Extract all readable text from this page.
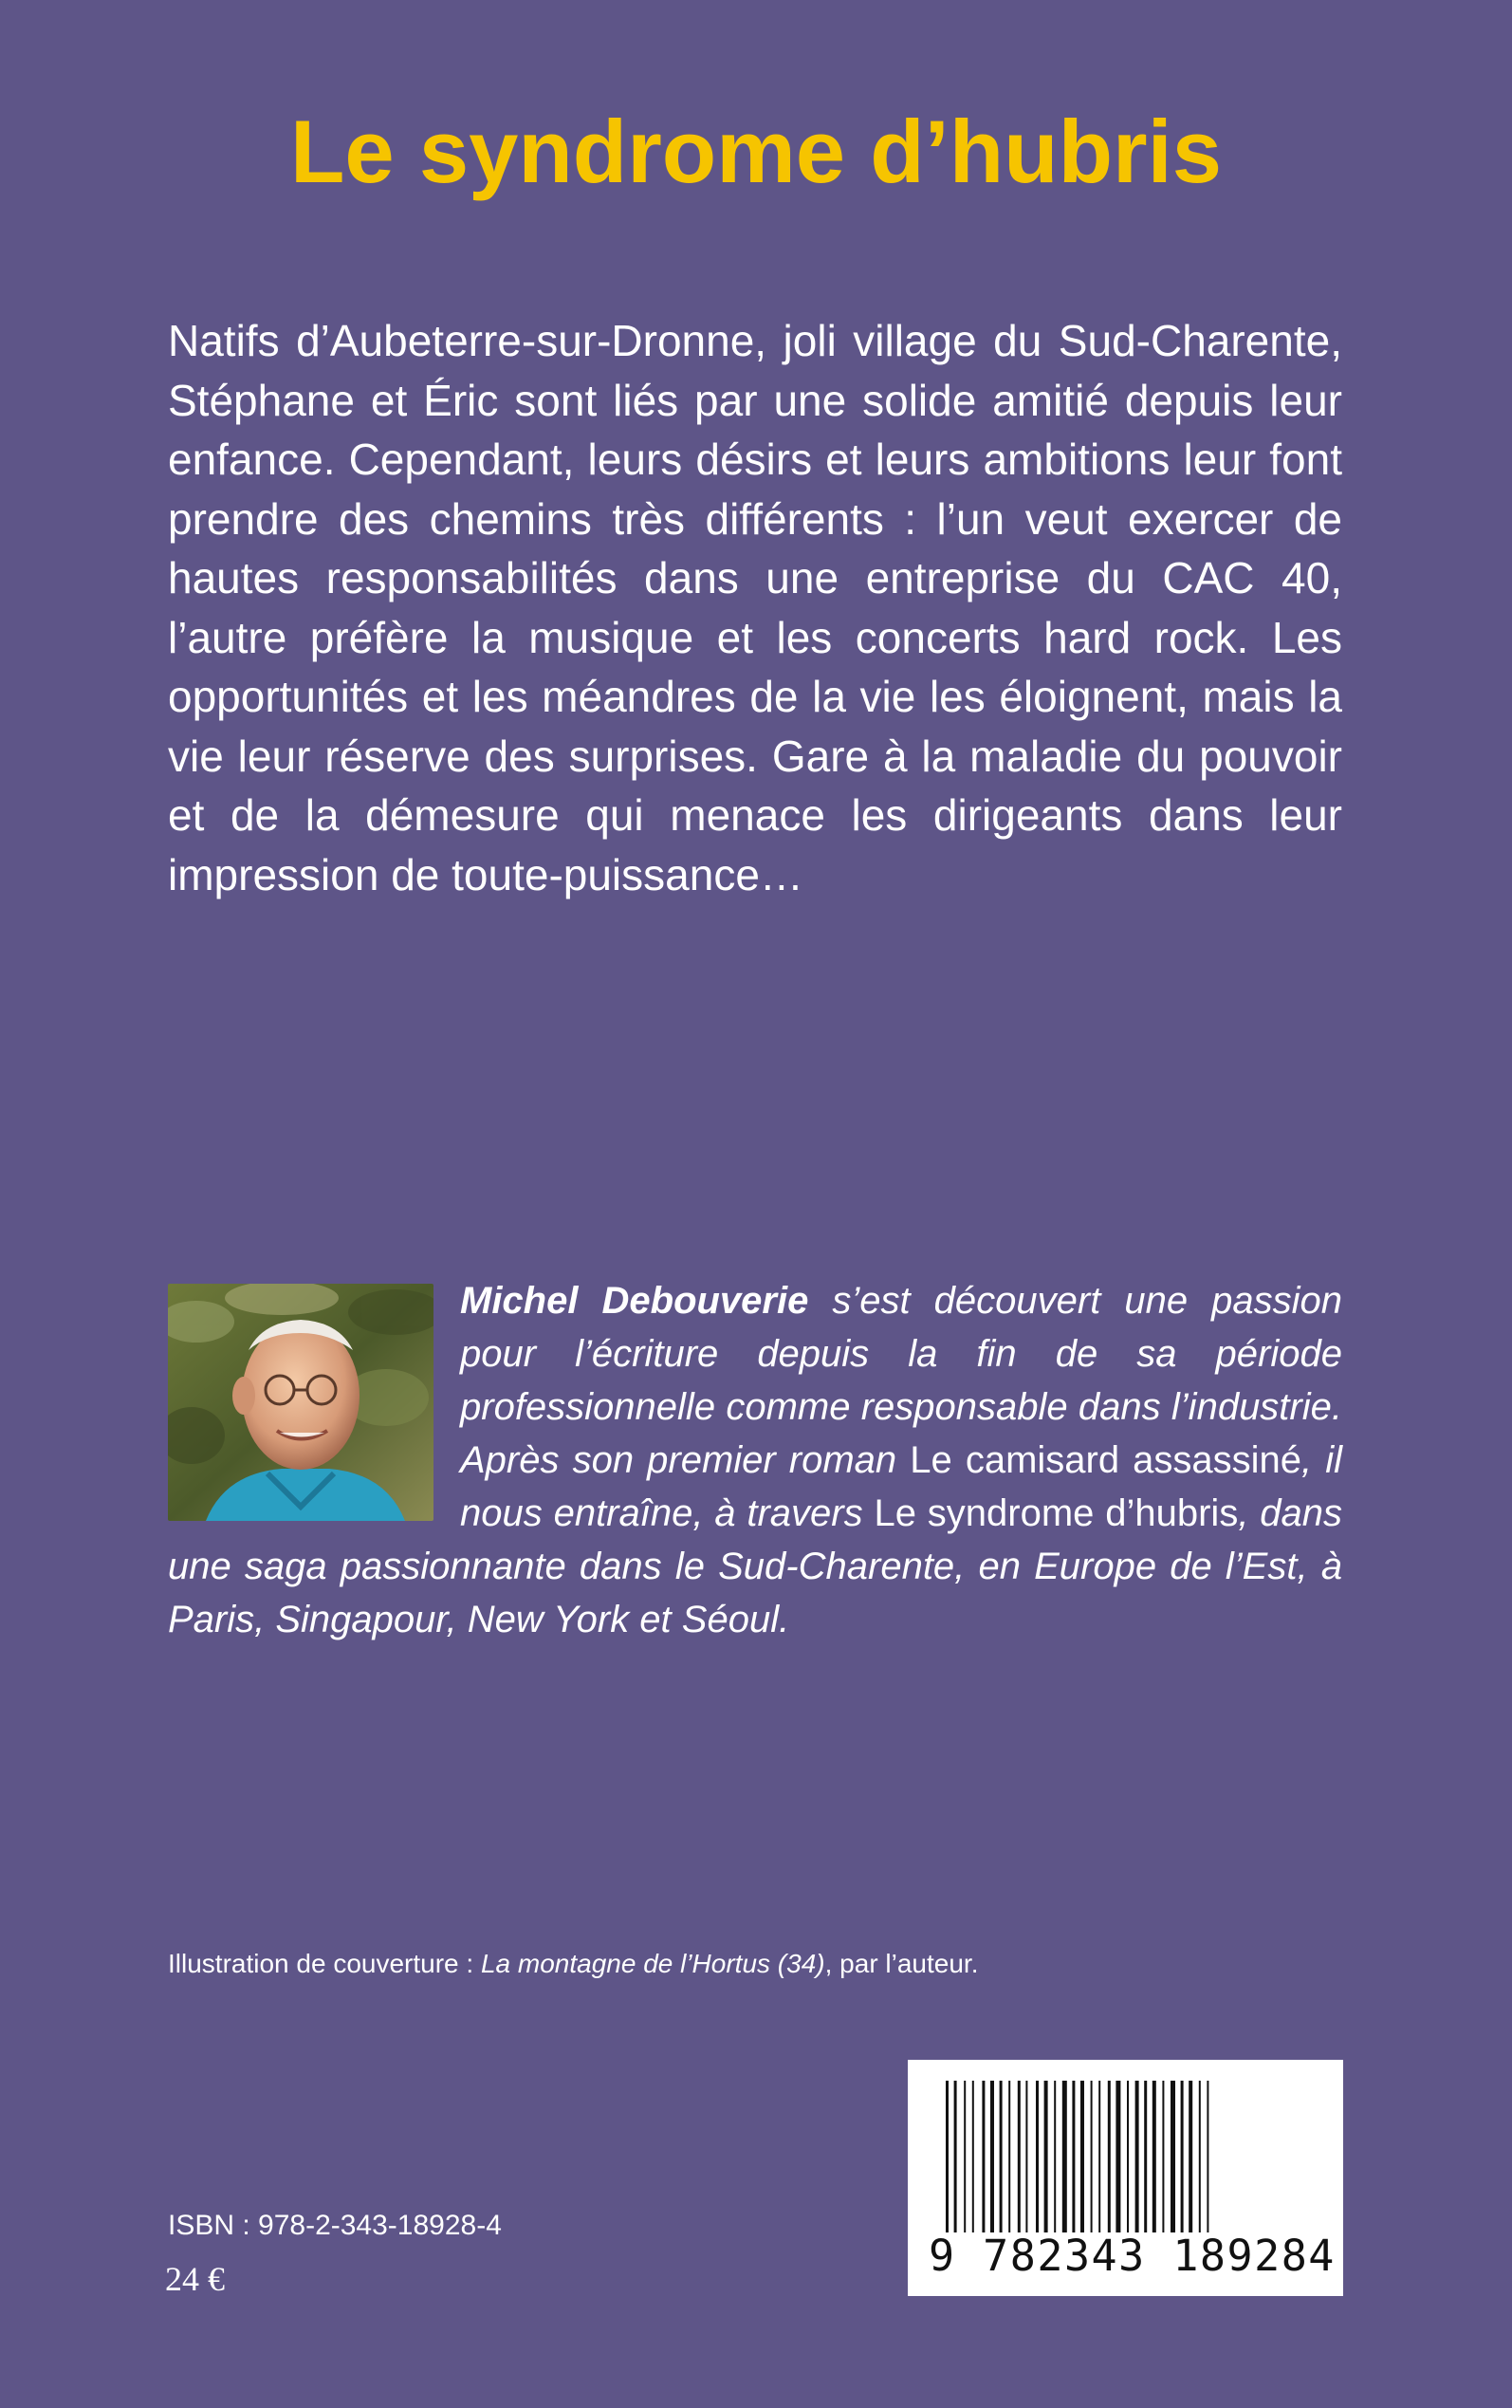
Le syndrome d’hubris

Natifs d’Aubeterre-sur-Dronne, joli village du Sud-Charente, Stéphane et Éric sont liés par une solide amitié depuis leur enfance. Cependant, leurs désirs et leurs ambitions leur font prendre des chemins très différents : l’un veut exercer de hautes responsabilités dans une entreprise du CAC 40, l’autre préfère la musique et les concerts hard rock. Les opportunités et les méandres de la vie les éloignent, mais la vie leur réserve des surprises. Gare à la maladie du pouvoir et de la démesure qui menace les dirigeants dans leur impression de toute-puissance…

Michel Debouverie s’est découvert une passion pour l’écriture depuis la fin de sa période professionnelle comme responsable dans l’industrie. Après son premier roman Le camisard assassiné, il nous entraîne, à travers Le syndrome d’hubris, dans une saga passionnante dans le Sud-Charente, en Europe de l’Est, à Paris, Singapour, New York et Séoul.

Illustration de couverture : La montagne de l’Hortus (34), par l’auteur.

9 782343 189284
ISBN : 978-2-343-18928-4
24 €
